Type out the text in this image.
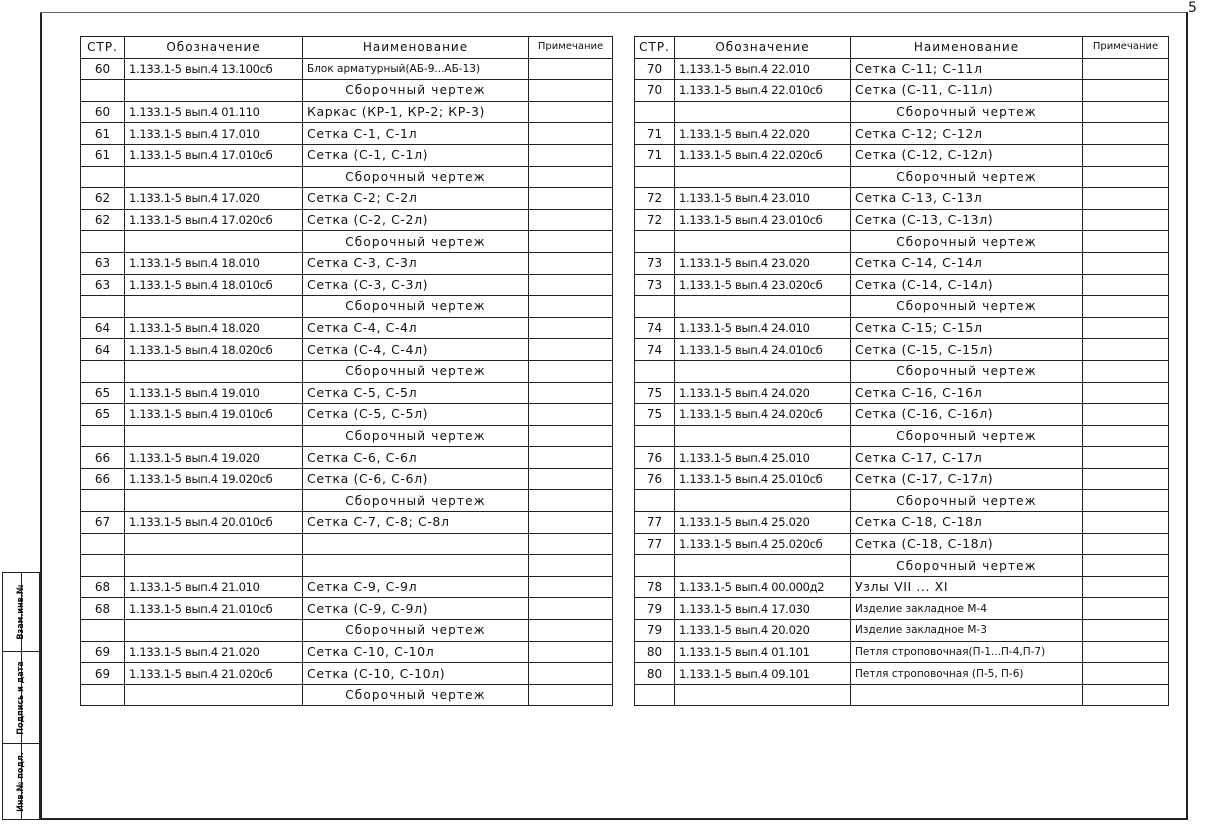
5
Взам.инв.№
Подпись и дата
Инв.№ подл.
СТР.	Обозначение	Наименование	Примечание
60	1.133.1-5 вып.4 13.100сб	Блок арматурный(АБ-9...АБ-13)	
		Сборочный чертеж	
60	1.133.1-5 вып.4 01.110	Каркас (КР-1, КР-2; КР-3)	
61	1.133.1-5 вып.4 17.010	Сетка С-1, С-1л	
61	1.133.1-5 вып.4 17.010сб	Сетка (С-1, С-1л)	
		Сборочный чертеж	
62	1.133.1-5 вып.4 17.020	Сетка С-2; С-2л	
62	1.133.1-5 вып.4 17.020сб	Сетка (С-2, С-2л)	
		Сборочный чертеж	
63	1.133.1-5 вып.4 18.010	Сетка С-3, С-3л	
63	1.133.1-5 вып.4 18.010сб	Сетка (С-3, С-3л)	
		Сборочный чертеж	
64	1.133.1-5 вып.4 18.020	Сетка С-4, С-4л	
64	1.133.1-5 вып.4 18.020сб	Сетка (С-4, С-4л)	
		Сборочный чертеж	
65	1.133.1-5 вып.4 19.010	Сетка С-5, С-5л	
65	1.133.1-5 вып.4 19.010сб	Сетка (С-5, С-5л)	
		Сборочный чертеж	
66	1.133.1-5 вып.4 19.020	Сетка С-6, С-6л	
66	1.133.1-5 вып.4 19.020сб	Сетка (С-6, С-6л)	
		Сборочный чертеж	
67	1.133.1-5 вып.4 20.010сб	Сетка С-7, С-8; С-8л	

68	1.133.1-5 вып.4 21.010	Сетка С-9, С-9л	
68	1.133.1-5 вып.4 21.010сб	Сетка (С-9, С-9л)	
		Сборочный чертеж	
69	1.133.1-5 вып.4 21.020	Сетка С-10, С-10л	
69	1.133.1-5 вып.4 21.020сб	Сетка (С-10, С-10л)	
		Сборочный чертеж	
СТР.	Обозначение	Наименование	Примечание
70	1.133.1-5 вып.4 22.010	Сетка С-11; С-11л	
70	1.133.1-5 вып.4 22.010сб	Сетка (С-11, С-11л)	
		Сборочный чертеж	
71	1.133.1-5 вып.4 22.020	Сетка С-12; С-12л	
71	1.133.1-5 вып.4 22.020сб	Сетка (С-12, С-12л)	
		Сборочный чертеж	
72	1.133.1-5 вып.4 23.010	Сетка С-13, С-13л	
72	1.133.1-5 вып.4 23.010сб	Сетка (С-13, С-13л)	
		Сборочный чертеж	
73	1.133.1-5 вып.4 23.020	Сетка С-14, С-14л	
73	1.133.1-5 вып.4 23.020сб	Сетка (С-14, С-14л)	
		Сборочный чертеж	
74	1.133.1-5 вып.4 24.010	Сетка С-15; С-15л	
74	1.133.1-5 вып.4 24.010сб	Сетка (С-15, С-15л)	
		Сборочный чертеж	
75	1.133.1-5 вып.4 24.020	Сетка С-16, С-16л	
75	1.133.1-5 вып.4 24.020сб	Сетка (С-16, С-16л)	
		Сборочный чертеж	
76	1.133.1-5 вып.4 25.010	Сетка С-17, С-17л	
76	1.133.1-5 вып.4 25.010сб	Сетка (С-17, С-17л)	
		Сборочный чертеж	
77	1.133.1-5 вып.4 25.020	Сетка С-18, С-18л	
77	1.133.1-5 вып.4 25.020сб	Сетка (С-18, С-18л)	
		Сборочный чертеж	
78	1.133.1-5 вып.4 00.000д2	Узлы VII ... XI	
79	1.133.1-5 вып.4 17.030	Изделие закладное М-4	
79	1.133.1-5 вып.4 20.020	Изделие закладное М-3	
80	1.133.1-5 вып.4 01.101	Петля строповочная(П-1...П-4,П-7)	
80	1.133.1-5 вып.4 09.101	Петля строповочная (П-5, П-6)	
